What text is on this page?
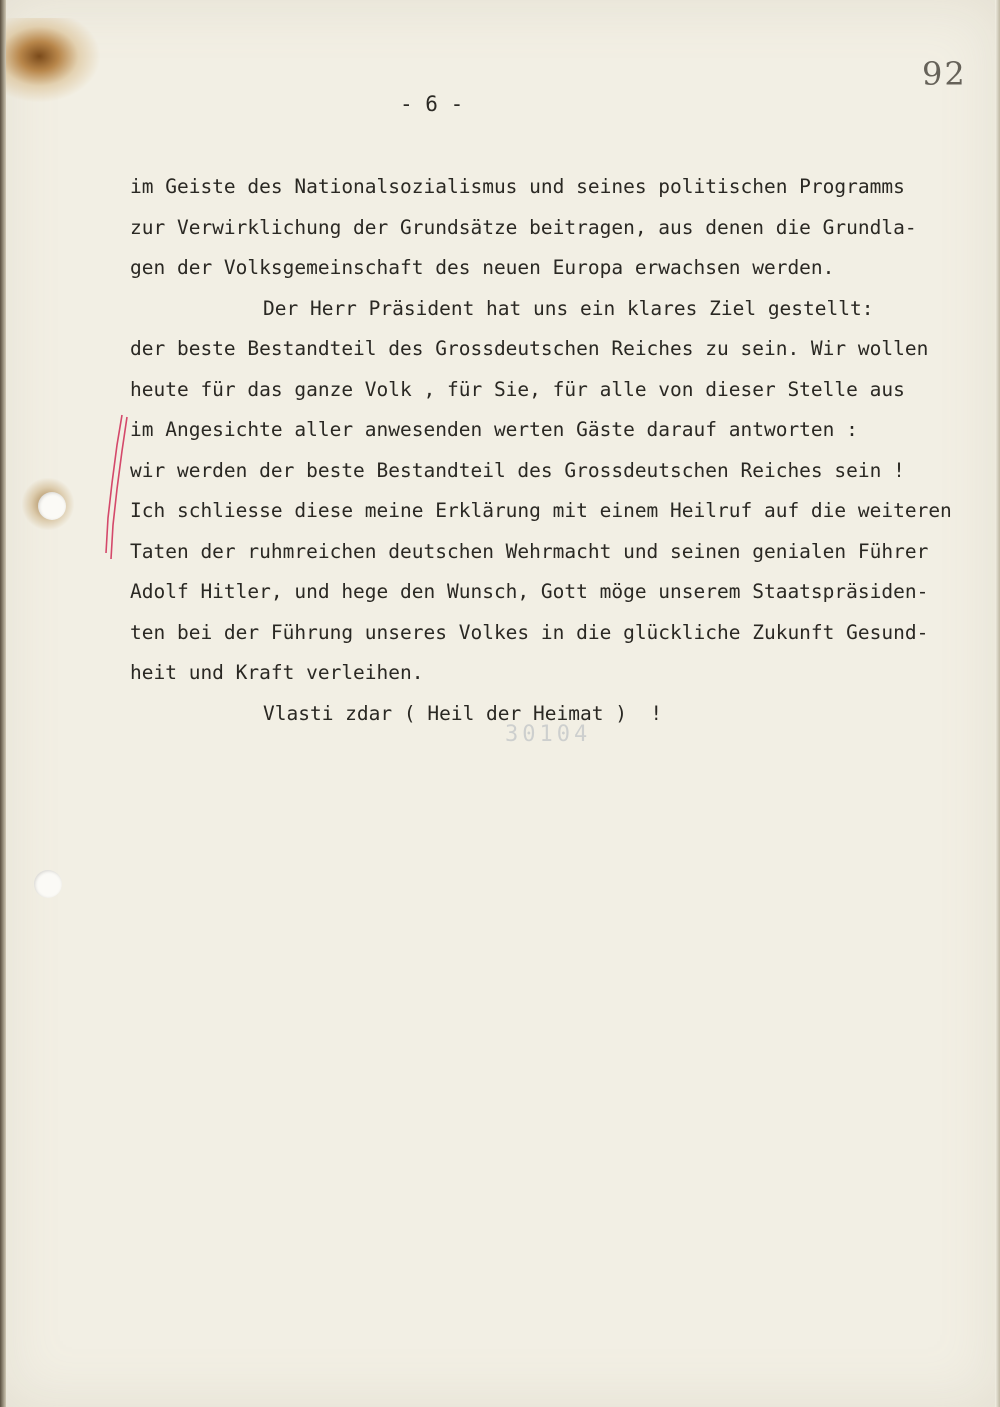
92
- 6 -
30104
im Geiste des Nationalsozialismus und seines politischen Programms
zur Verwirklichung der Grundsätze beitragen, aus denen die Grundla-
gen der Volksgemeinschaft des neuen Europa erwachsen werden.
Der Herr Präsident hat uns ein klares Ziel gestellt:
der beste Bestandteil des Grossdeutschen Reiches zu sein. Wir wollen
heute für das ganze Volk , für Sie, für alle von dieser Stelle aus
im Angesichte aller anwesenden werten Gäste darauf antworten :
wir werden der beste Bestandteil des Grossdeutschen Reiches sein !
Ich schliesse diese meine Erklärung mit einem Heilruf auf die weiteren
Taten der ruhmreichen deutschen Wehrmacht und seinen genialen Führer
Adolf Hitler, und hege den Wunsch, Gott möge unserem Staatspräsiden-
ten bei der Führung unseres Volkes in die glückliche Zukunft Gesund-
heit und Kraft verleihen.
Vlasti zdar ( Heil der Heimat )  !
